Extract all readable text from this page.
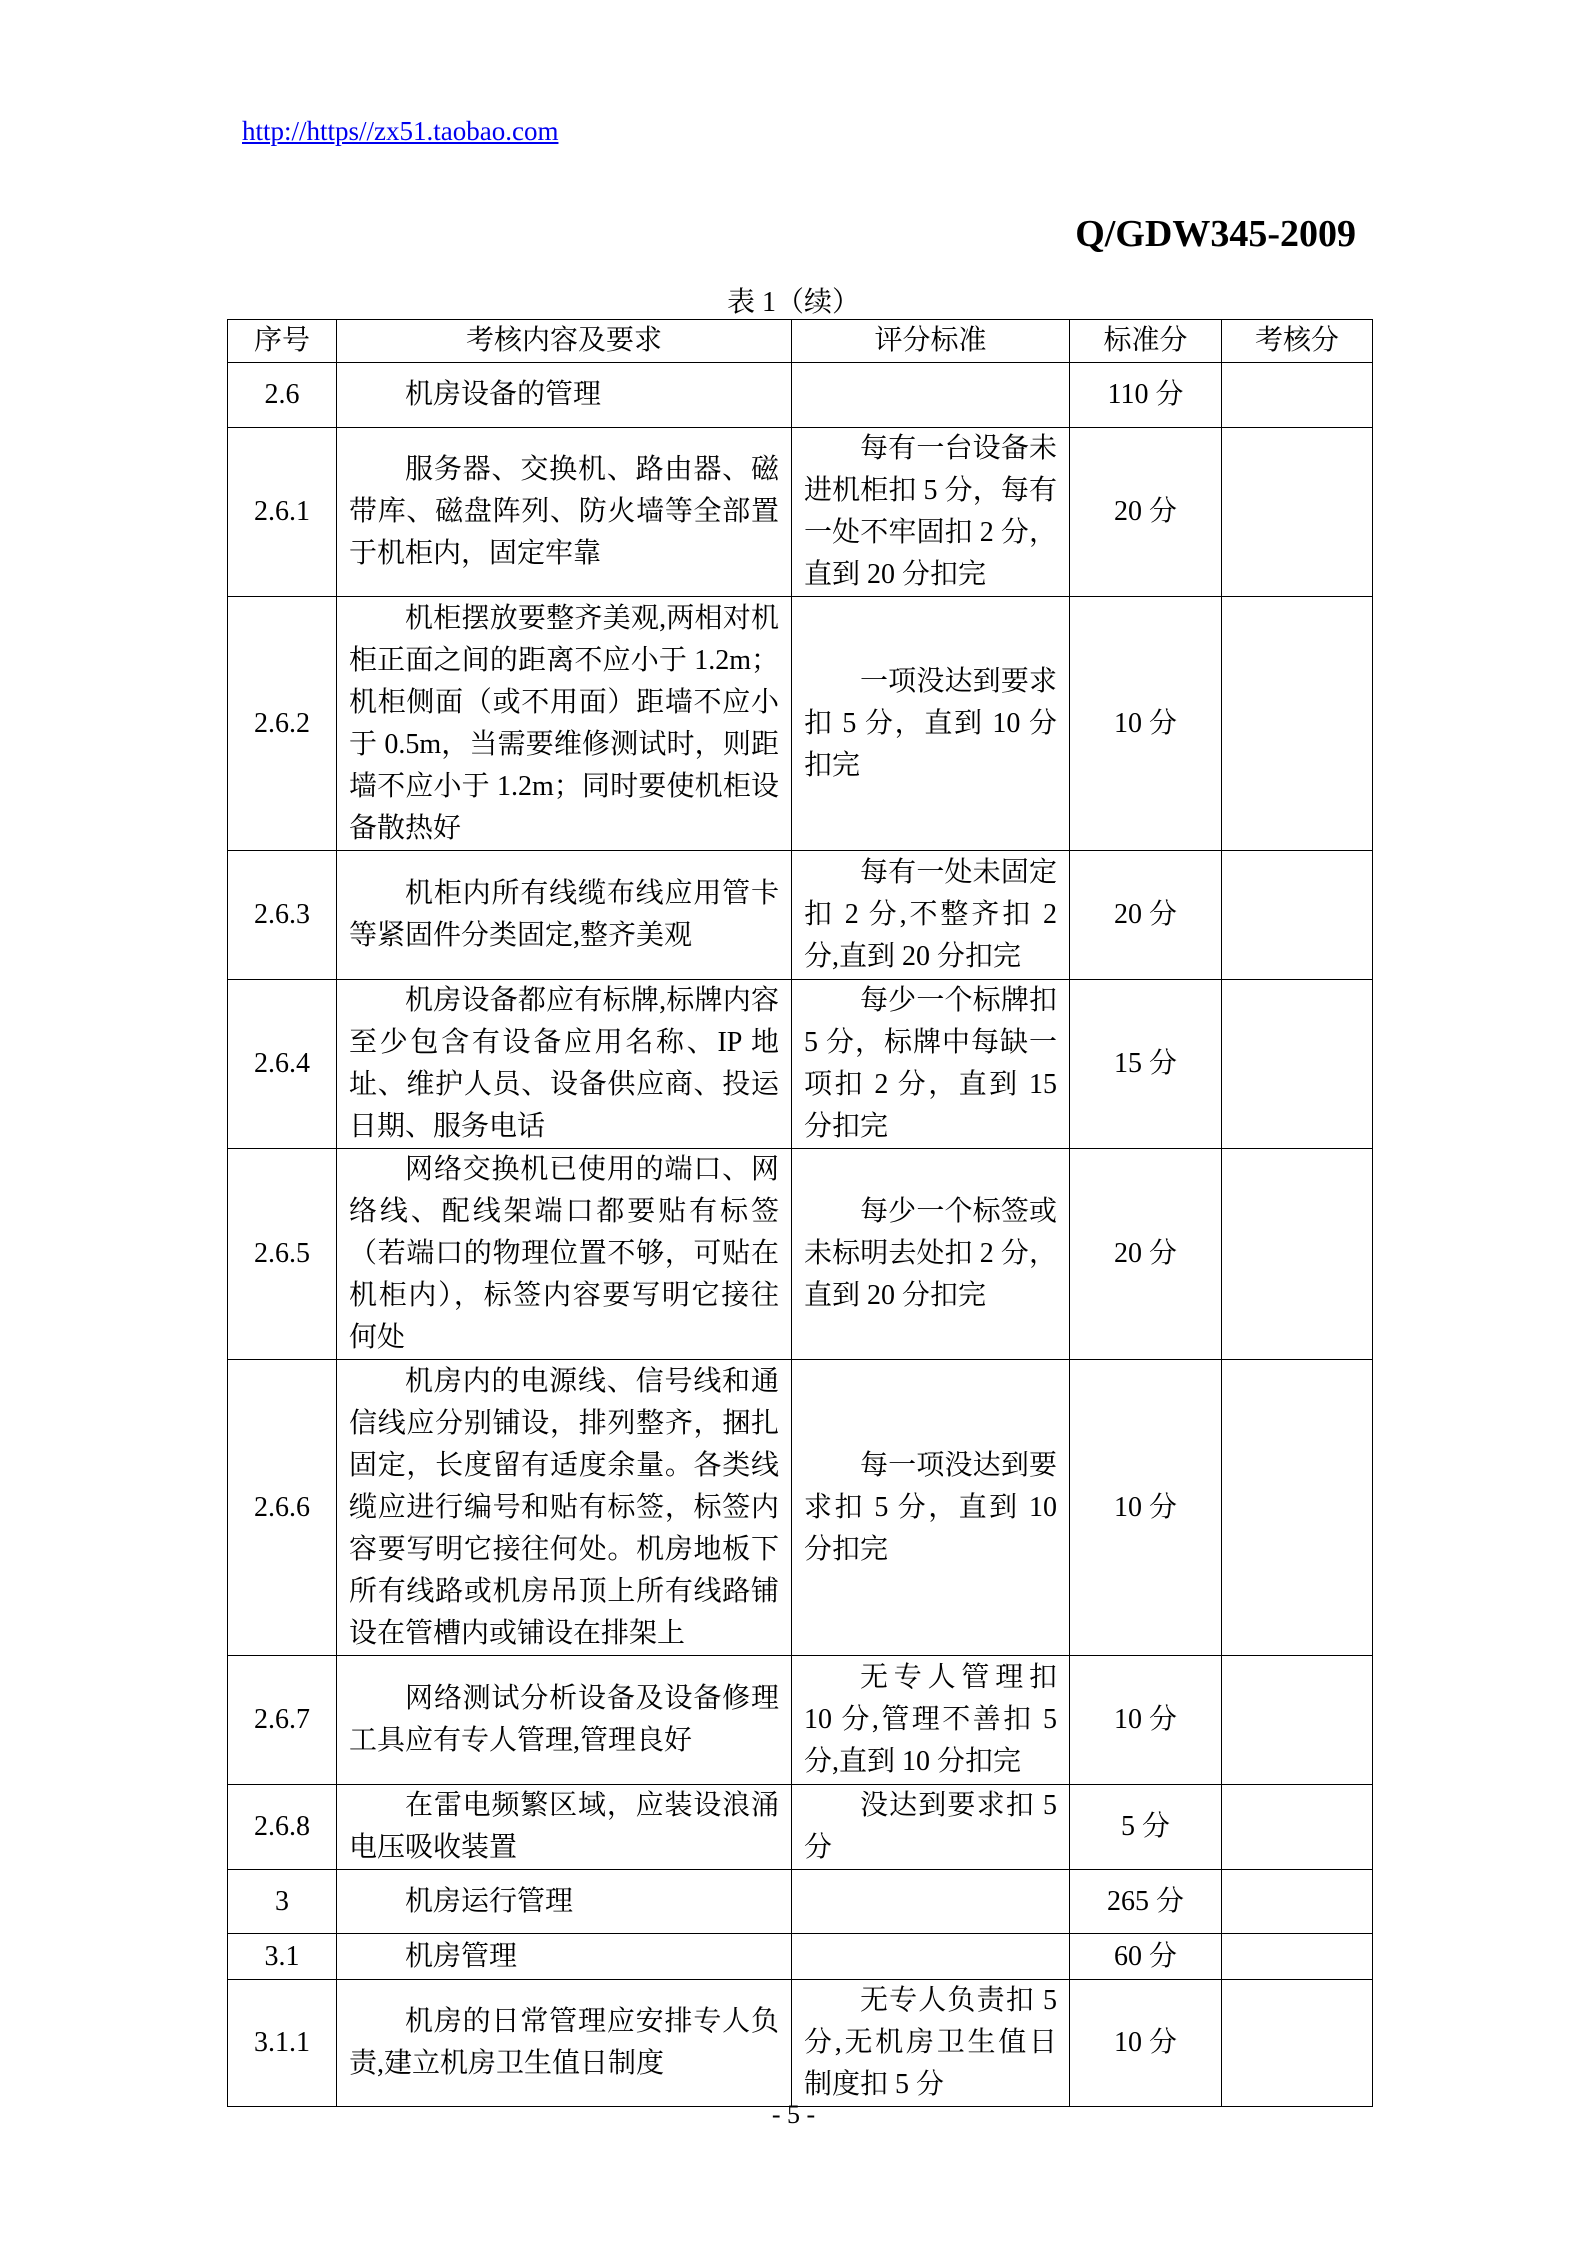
http://https//zx51.taobao.com
Q/GDW345-2009
表 1（续）
序号	考核内容及要求	评分标准	标准分	考核分
2.6	机房设备的管理		110 分	
2.6.1	服务器、交换机、路由器、磁带库、磁盘阵列、防火墙等全部置于机柜内，固定牢靠	每有一台设备未进机柜扣 5 分，每有一处不牢固扣 2 分，直到 20 分扣完	20 分	
2.6.2	机柜摆放要整齐美观,两相对机柜正面之间的距离不应小于 1.2m；机柜侧面（或不用面）距墙不应小于 0.5m，当需要维修测试时，则距墙不应小于 1.2m；同时要使机柜设备散热好	一项没达到要求扣 5 分，直到 10 分扣完	10 分	
2.6.3	机柜内所有线缆布线应用管卡等紧固件分类固定,整齐美观	每有一处未固定扣 2 分,不整齐扣 2 分,直到 20 分扣完	20 分	
2.6.4	机房设备都应有标牌,标牌内容至少包含有设备应用名称、IP 地址、维护人员、设备供应商、投运日期、服务电话	每少一个标牌扣 5 分，标牌中每缺一项扣 2 分，直到 15 分扣完	15 分	
2.6.5	网络交换机已使用的端口、网络线、配线架端口都要贴有标签（若端口的物理位置不够，可贴在机柜内），标签内容要写明它接往何处	每少一个标签或未标明去处扣 2 分，直到 20 分扣完	20 分	
2.6.6	机房内的电源线、信号线和通信线应分别铺设，排列整齐，捆扎固定，长度留有适度余量。各类线缆应进行编号和贴有标签，标签内容要写明它接往何处。机房地板下所有线路或机房吊顶上所有线路铺设在管槽内或铺设在排架上	每一项没达到要求扣 5 分，直到 10 分扣完	10 分	
2.6.7	网络测试分析设备及设备修理工具应有专人管理,管理良好	无专人管理扣 10 分,管理不善扣 5 分,直到 10 分扣完	10 分	
2.6.8	在雷电频繁区域，应装设浪涌电压吸收装置	没达到要求扣 5 分	5 分	
3	机房运行管理		265 分	
3.1	机房管理		60 分	
3.1.1	机房的日常管理应安排专人负责,建立机房卫生值日制度	无专人负责扣 5 分,无机房卫生值日制度扣 5 分	10 分	
- 5 -
